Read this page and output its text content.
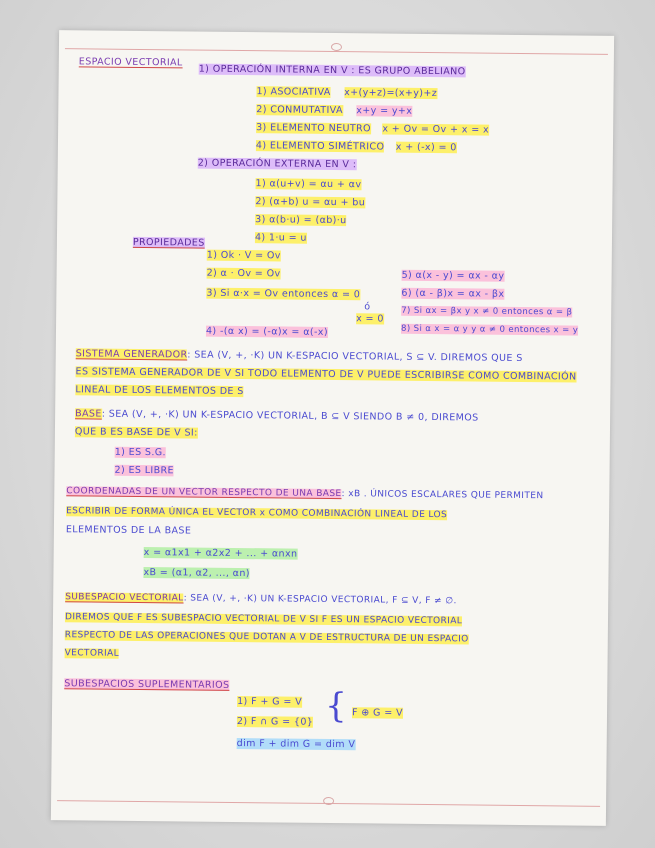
ESPACIO VECTORIAL
1) OPERACIÓN INTERNA EN V : ES GRUPO ABELIANO
1) ASOCIATIVA x+(y+z)=(x+y)+z
2) CONMUTATIVA x+y = y+x
3) ELEMENTO NEUTRO x + Ov = Ov + x = x
4) ELEMENTO SIMÉTRICO x + (-x) = 0
2) OPERACIÓN EXTERNA EN V :
1) α(u+v) = αu + αv
2) (α+b) u = αu + bu
3) α(b·u) = (αb)·u
4) 1·u = u
PROPIEDADES
1) Ok · V = Ov
2) α · Ov = Ov
3) Si α·x = Ov entonces α = 0
ó
x = 0
4) -(α x) = (-α)x = α(-x)
5) α(x - y) = αx - αy
6) (α - β)x = αx - βx
7) Si αx = βx y x ≠ 0 entonces α = β
8) Si α x = α y y α ≠ 0 entonces x = y
SISTEMA GENERADOR: SEA (V, +, ·K) UN K-ESPACIO VECTORIAL, S ⊆ V. DIREMOS QUE S
ES SISTEMA GENERADOR DE V SI TODO ELEMENTO DE V PUEDE ESCRIBIRSE COMO COMBINACIÓN
LINEAL DE LOS ELEMENTOS DE S
BASE: SEA (V, +, ·K) UN K-ESPACIO VECTORIAL, B ⊆ V SIENDO B ≠ 0, DIREMOS
QUE B ES BASE DE V SI:
1) ES S.G.
2) ES LIBRE
COORDENADAS DE UN VECTOR RESPECTO DE UNA BASE: xB . ÚNICOS ESCALARES QUE PERMITEN
ESCRIBIR DE FORMA ÚNICA EL VECTOR x COMO COMBINACIÓN LINEAL DE LOS
ELEMENTOS DE LA BASE
x = α1x1 + α2x2 + ... + αnxn
xB = (α1, α2, ..., αn)
SUBESPACIO VECTORIAL: SEA (V, +, ·K) UN K-ESPACIO VECTORIAL, F ⊆ V, F ≠ ∅.
DIREMOS QUE F ES SUBESPACIO VECTORIAL DE V SI F ES UN ESPACIO VECTORIAL
RESPECTO DE LAS OPERACIONES QUE DOTAN A V DE ESTRUCTURA DE UN ESPACIO
VECTORIAL
SUBESPACIOS SUPLEMENTARIOS
1) F + G = V
2) F ∩ G = {0} { F ⊕ G = V
dim F + dim G = dim V
